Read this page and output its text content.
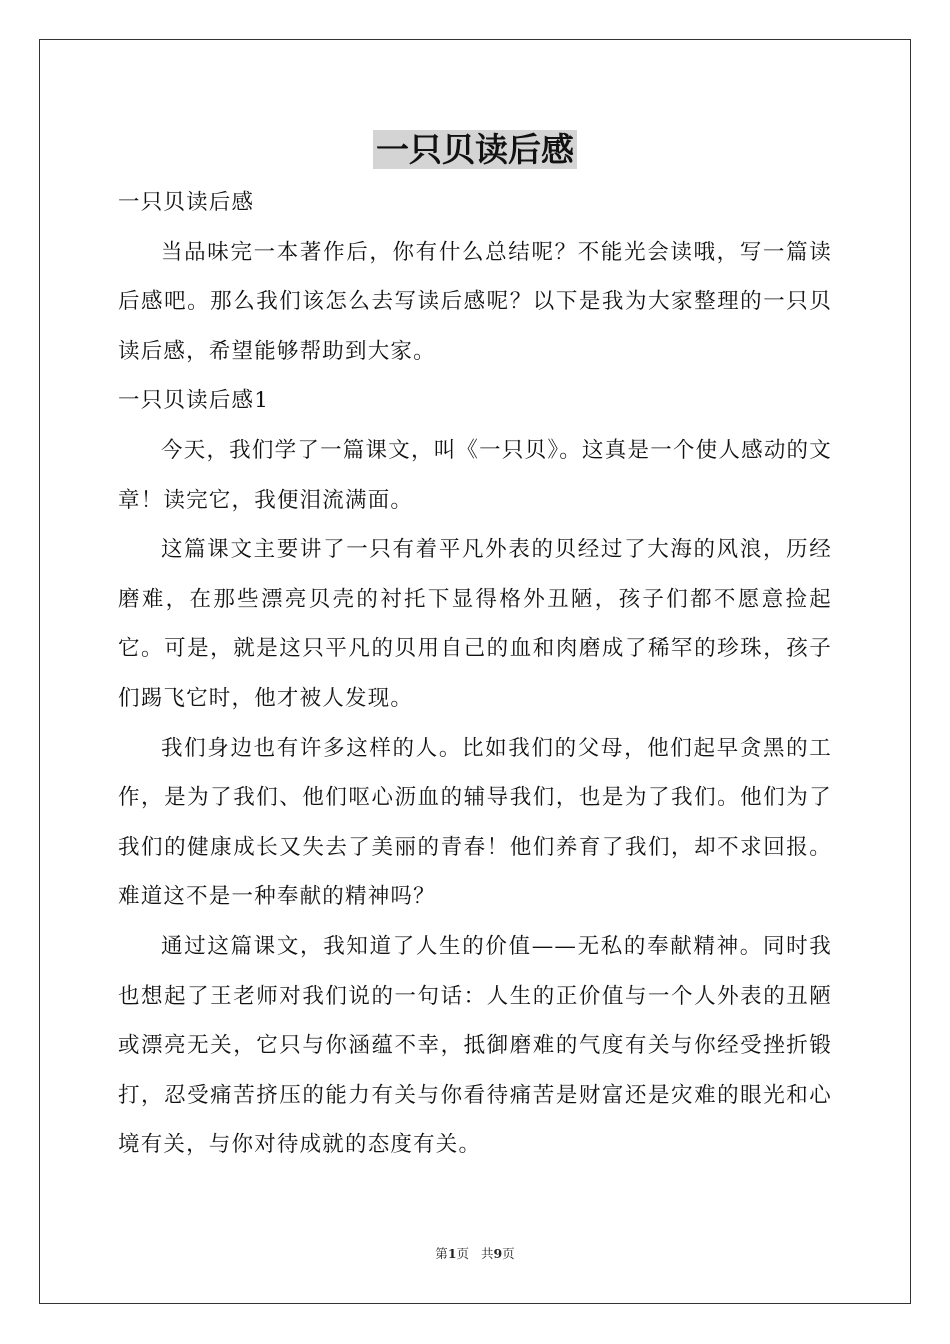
一只贝读后感

一只贝读后感

当品味完一本著作后，你有什么总结呢？不能光会读哦，写一篇读后感吧。那么我们该怎么去写读后感呢？以下是我为大家整理的一只贝读后感，希望能够帮助到大家。

一只贝读后感1

今天，我们学了一篇课文，叫《一只贝》。这真是一个使人感动的文章！读完它，我便泪流满面。

这篇课文主要讲了一只有着平凡外表的贝经过了大海的风浪，历经磨难，在那些漂亮贝壳的衬托下显得格外丑陋，孩子们都不愿意捡起它。可是，就是这只平凡的贝用自己的血和肉磨成了稀罕的珍珠，孩子们踢飞它时，他才被人发现。

我们身边也有许多这样的人。比如我们的父母，他们起早贪黑的工作，是为了我们、他们呕心沥血的辅导我们，也是为了我们。他们为了我们的健康成长又失去了美丽的青春！他们养育了我们，却不求回报。难道这不是一种奉献的精神吗？

通过这篇课文，我知道了人生的价值——无私的奉献精神。同时我也想起了王老师对我们说的一句话：人生的正价值与一个人外表的丑陋或漂亮无关，它只与你涵蕴不幸，抵御磨难的气度有关与你经受挫折锻打，忍受痛苦挤压的能力有关与你看待痛苦是财富还是灾难的眼光和心境有关，与你对待成就的态度有关。

第1页 共9页
